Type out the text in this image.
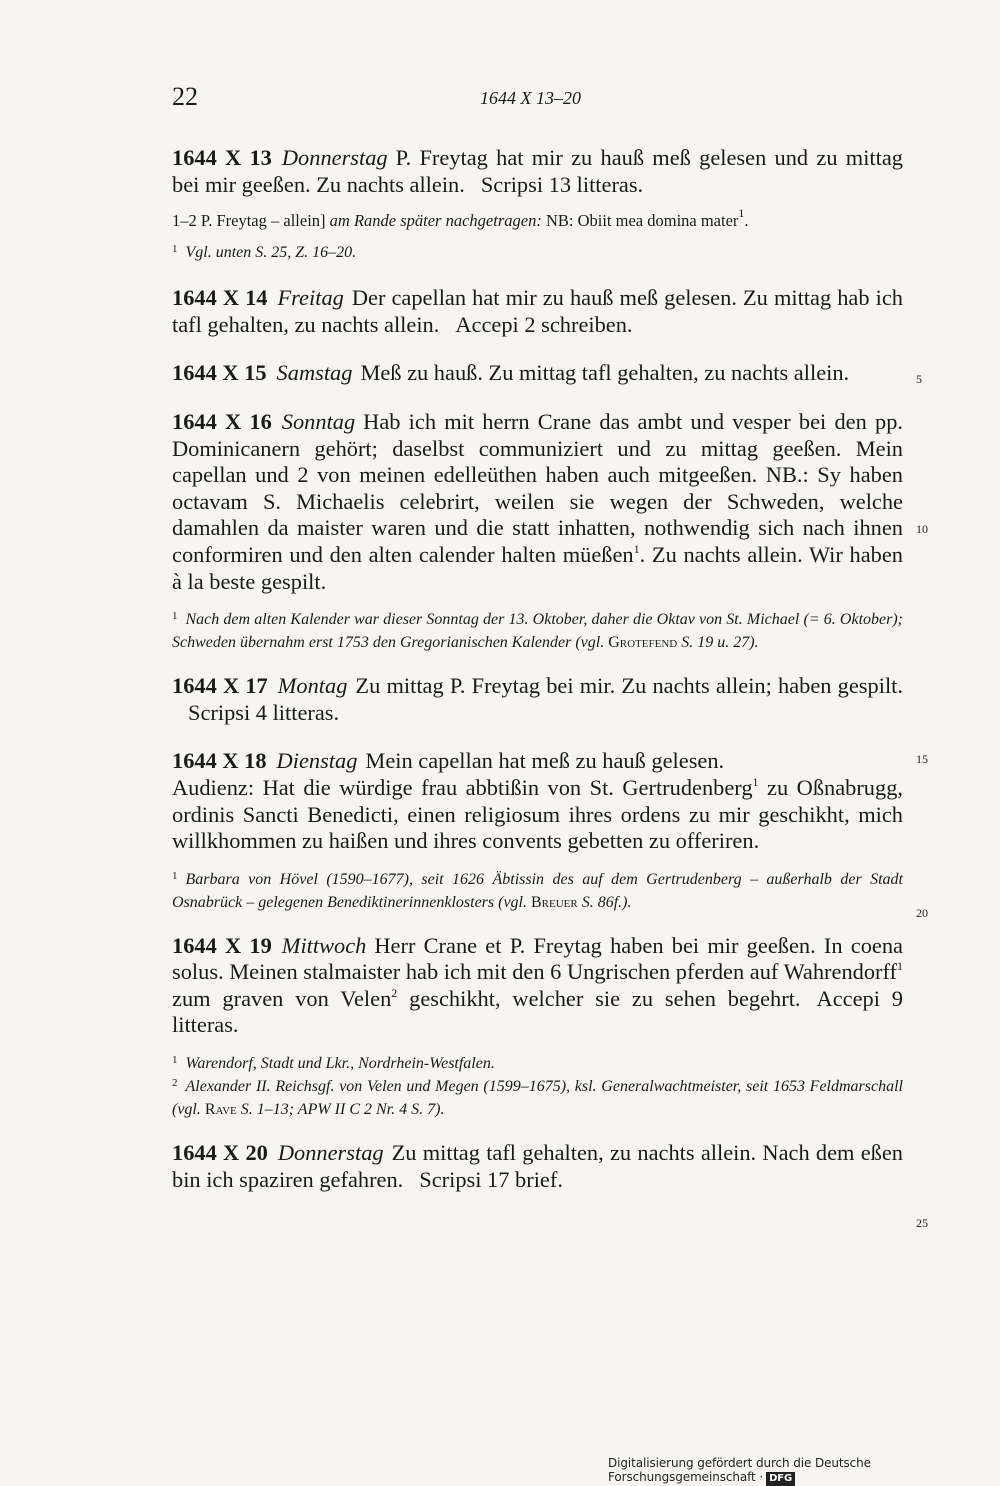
22	1644 X 13–20

1644 X 13 Donnerstag P. Freytag hat mir zu hauß meß gelesen und zu mittag bei mir geeßen. Zu nachts allein. Scripsi 13 litteras.

1–2 P. Freytag – allein] am Rande später nachgetragen: NB: Obiit mea domina mater$^1$.

$^1$ Vgl. unten S. 25, Z. 16–20.

1644 X 14 Freitag Der capellan hat mir zu hauß meß gelesen. Zu mittag hab ich tafl gehalten, zu nachts allein. Accepi 2 schreiben.

1644 X 15 Samstag Meß zu hauß. Zu mittag tafl gehalten, zu nachts allein.

1644 X 16 Sonntag Hab ich mit herrn Crane das ambt und vesper bei den pp. Dominicanern gehört; daselbst communiziert und zu mittag geeßen. Mein capellan und 2 von meinen edelleüthen haben auch mitgeeßen. NB.: Sy haben octavam S. Michaelis celebrirt, weilen sie wegen der Schweden, welche damahlen da maister waren und die statt inhatten, nothwendig sich nach ihnen conformiren und den alten calender halten müeßen$^1$. Zu nachts allein. Wir haben à la beste gespilt.

$^1$ Nach dem alten Kalender war dieser Sonntag der 13. Oktober, daher die Oktav von St. Michael (= 6. Oktober); Schweden übernahm erst 1753 den Gregorianischen Kalender (vgl. Grotefend S. 19 u. 27).

1644 X 17 Montag Zu mittag P. Freytag bei mir. Zu nachts allein; haben gespilt.Scripsi 4 litteras.

1644 X 18 Dienstag Mein capellan hat meß zu hauß gelesen.

Audienz: Hat die würdige frau abbtißin von St. Gertrudenberg$^1$ zu Oßnabrugg, ordinis Sancti Benedicti, einen religiosum ihres ordens zu mir geschikht, mich willkhommen zu haißen und ihres convents gebetten zu offeriren.

$^1$ Barbara von Hövel (1590–1677), seit 1626 Äbtissin des auf dem Gertrudenberg – außerhalb der Stadt Osnabrück – gelegenen Benediktinerinnenklosters (vgl. Breuer S. 86f.).

1644 X 19 Mittwoch Herr Crane et P. Freytag haben bei mir geeßen. In coena solus. Meinen stalmaister hab ich mit den 6 Ungrischen pferden auf Wahrendorff$^1$ zum graven von Velen$^2$ geschikht, welcher sie zu sehen begehrt. Accepi 9 litteras.

$^1$ Warendorf, Stadt und Lkr., Nordrhein-Westfalen.

$^2$ Alexander II. Reichsgf. von Velen und Megen (1599–1675), ksl. Generalwachtmeister, seit 1653 Feldmarschall (vgl. Rave S. 1–13; APW II C 2 Nr. 4 S. 7).

1644 X 20 Donnerstag Zu mittag tafl gehalten, zu nachts allein. Nach dem eßen bin ich spaziren gefahren. Scripsi 17 brief.

5
10
15
20
25
Digitalisierung gefördert durch die Deutsche Forschungsgemeinschaft · DFG
